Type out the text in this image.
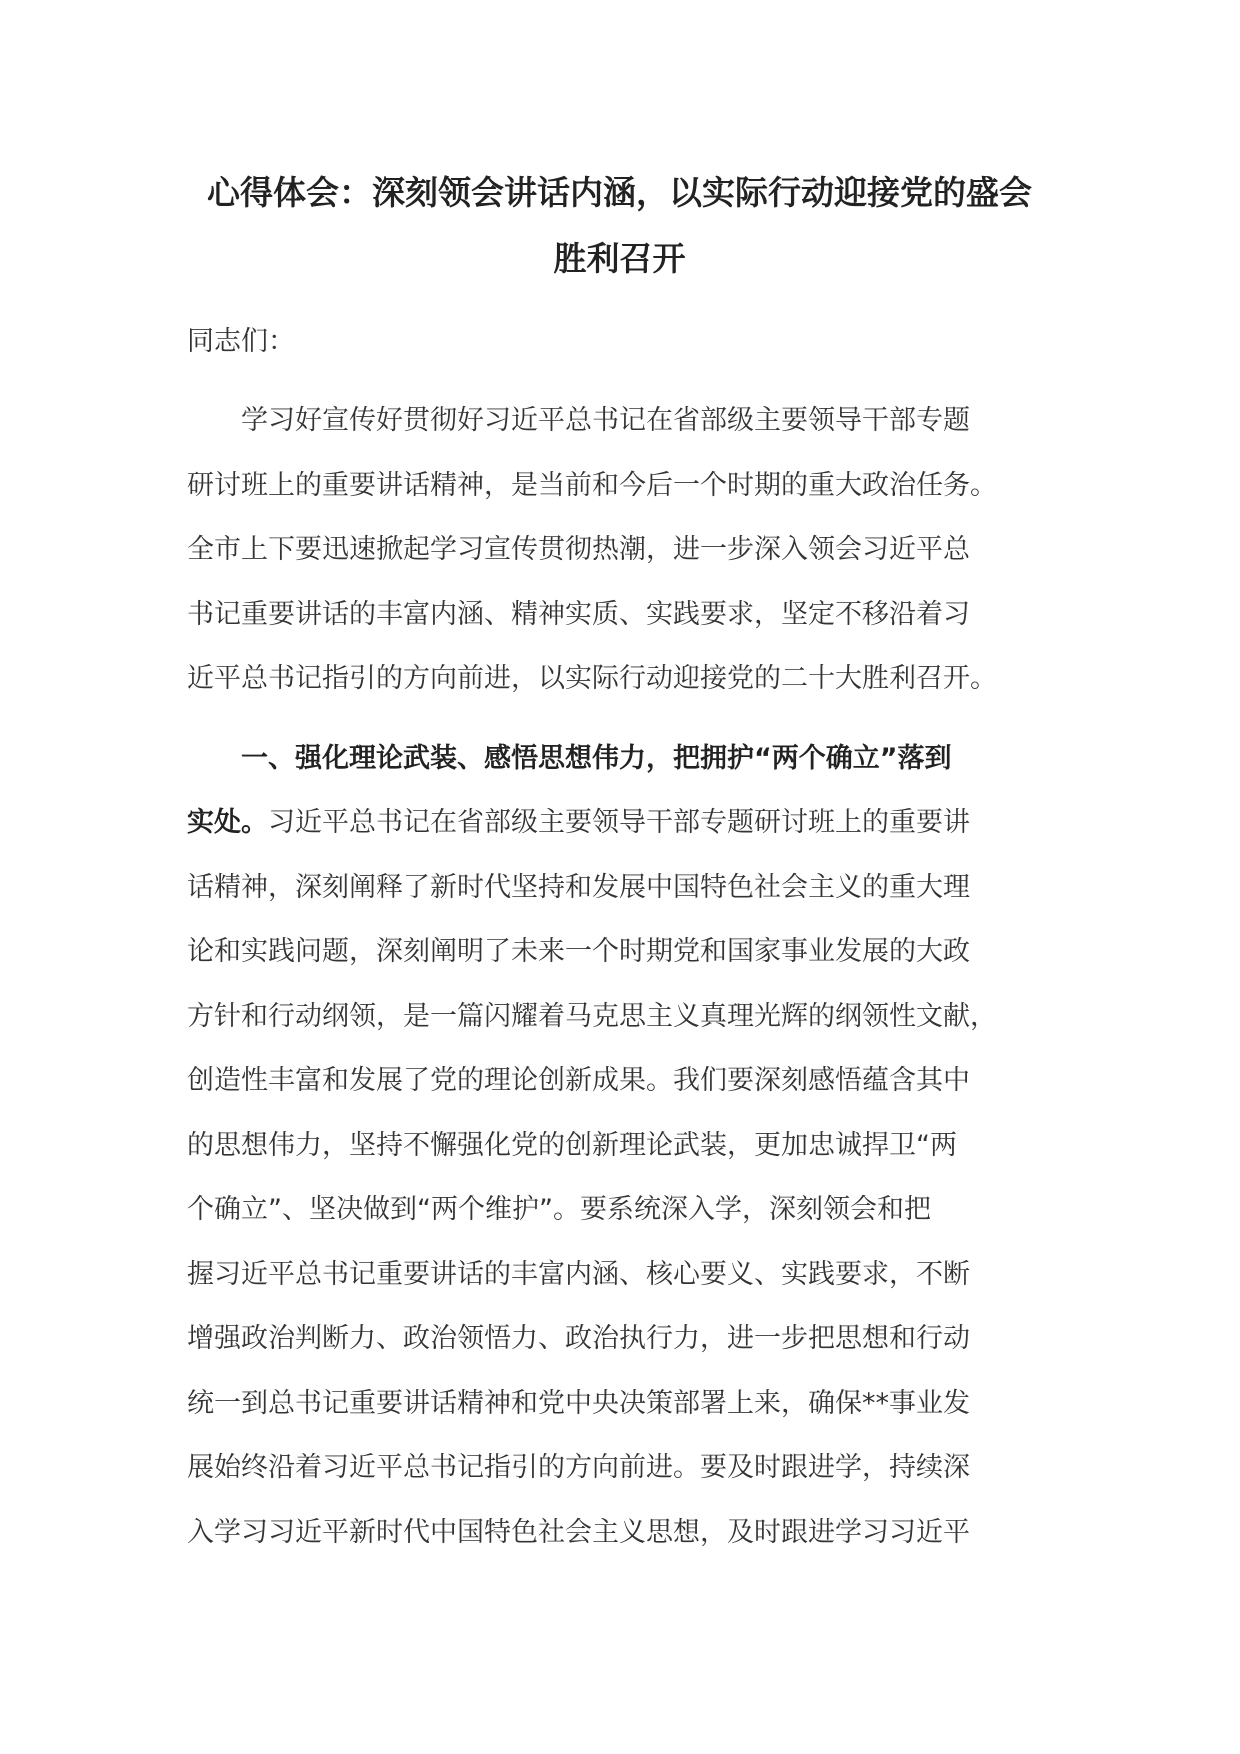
心得体会：深刻领会讲话内涵，以实际行动迎接党的盛会
胜利召开

同志们：

学习好宣传好贯彻好习近平总书记在省部级主要领导干部专题
研讨班上的重要讲话精神，是当前和今后一个时期的重大政治任务。
全市上下要迅速掀起学习宣传贯彻热潮，进一步深入领会习近平总
书记重要讲话的丰富内涵、精神实质、实践要求，坚定不移沿着习
近平总书记指引的方向前进，以实际行动迎接党的二十大胜利召开。

一、强化理论武装、感悟思想伟力，把拥护“两个确立”落到
实处。习近平总书记在省部级主要领导干部专题研讨班上的重要讲
话精神，深刻阐释了新时代坚持和发展中国特色社会主义的重大理
论和实践问题，深刻阐明了未来一个时期党和国家事业发展的大政
方针和行动纲领，是一篇闪耀着马克思主义真理光辉的纲领性文献，
创造性丰富和发展了党的理论创新成果。我们要深刻感悟蕴含其中
的思想伟力，坚持不懈强化党的创新理论武装，更加忠诚捍卫“两
个确立”、坚决做到“两个维护”。要系统深入学，深刻领会和把
握习近平总书记重要讲话的丰富内涵、核心要义、实践要求，不断
增强政治判断力、政治领悟力、政治执行力，进一步把思想和行动
统一到总书记重要讲话精神和党中央决策部署上来，确保**事业发
展始终沿着习近平总书记指引的方向前进。要及时跟进学，持续深
入学习习近平新时代中国特色社会主义思想，及时跟进学习习近平
